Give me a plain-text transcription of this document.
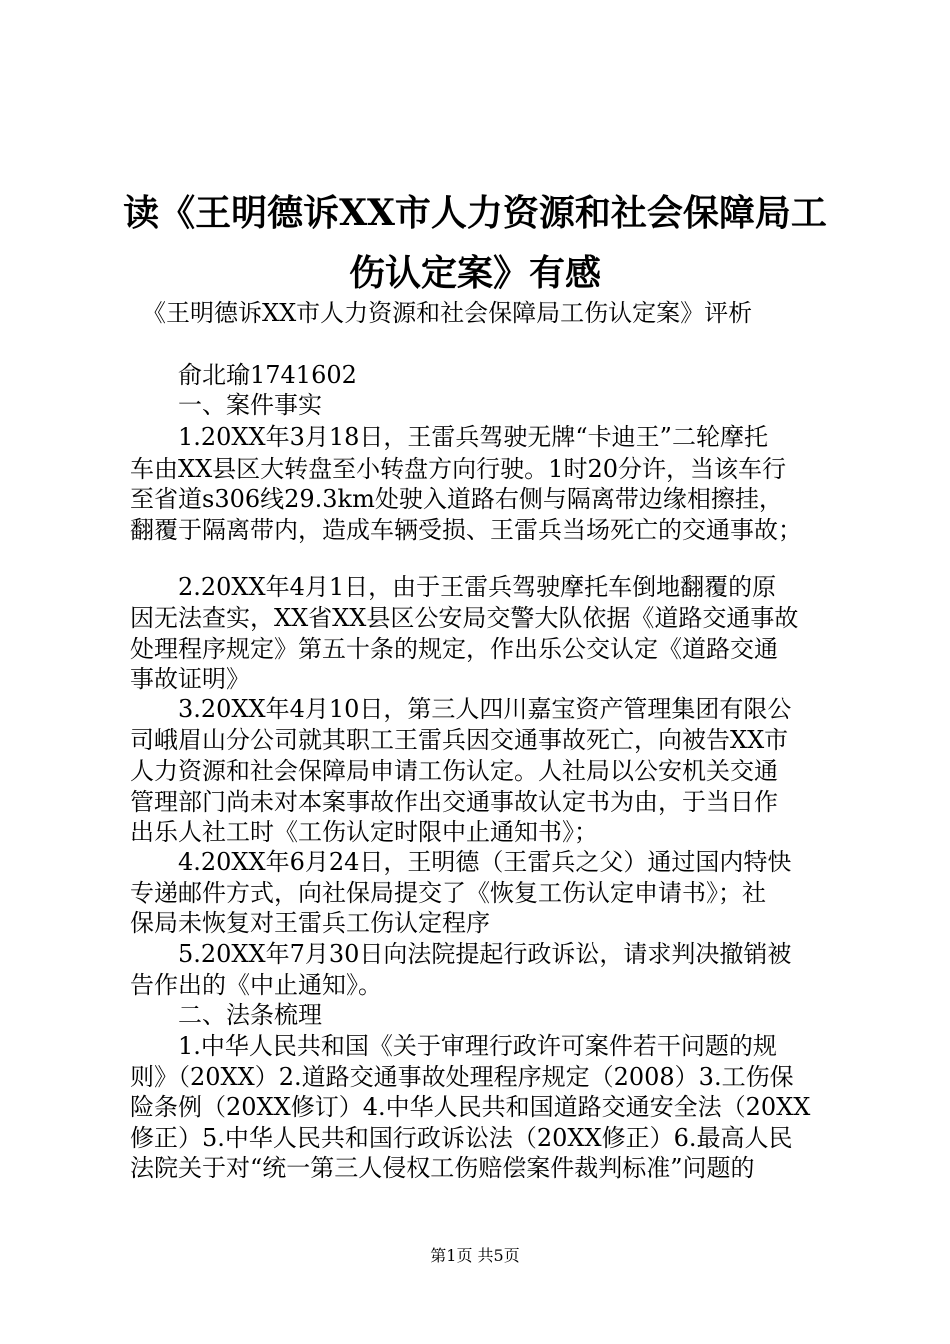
读《王明德诉XX市人力资源和社会保障局工
伤认定案》有感
　《王明德诉XX市人力资源和社会保障局工伤认定案》评析
　　俞北瑜1741602
　　一、案件事实
　　1.20XX年3月18日，王雷兵驾驶无牌“卡迪王”二轮摩托
车由XX县区大转盘至小转盘方向行驶。1时20分许，当该车行
至省道s306线29.3km处驶入道路右侧与隔离带边缘相擦挂，
翻覆于隔离带内，造成车辆受损、王雷兵当场死亡的交通事故；
　　2.20XX年4月1日，由于王雷兵驾驶摩托车倒地翻覆的原
因无法查实，XX省XX县区公安局交警大队依据《道路交通事故
处理程序规定》第五十条的规定，作出乐公交认定《道路交通
事故证明》
　　3.20XX年4月10日，第三人四川嘉宝资产管理集团有限公
司峨眉山分公司就其职工王雷兵因交通事故死亡，向被告XX市
人力资源和社会保障局申请工伤认定。人社局以公安机关交通
管理部门尚未对本案事故作出交通事故认定书为由，于当日作
出乐人社工时《工伤认定时限中止通知书》；
　　4.20XX年6月24日，王明德（王雷兵之父）通过国内特快
专递邮件方式，向社保局提交了《恢复工伤认定申请书》；社
保局未恢复对王雷兵工伤认定程序
　　5.20XX年7月30日向法院提起行政诉讼，请求判决撤销被
告作出的《中止通知》。
　　二、法条梳理
　　1.中华人民共和国《关于审理行政许可案件若干问题的规
则》（20XX）2.道路交通事故处理程序规定（2008）3.工伤保
险条例（20XX修订）4.中华人民共和国道路交通安全法（20XX
修正）5.中华人民共和国行政诉讼法（20XX修正）6.最高人民
法院关于对“统一第三人侵权工伤赔偿案件裁判标准”问题的
第1页 共5页
